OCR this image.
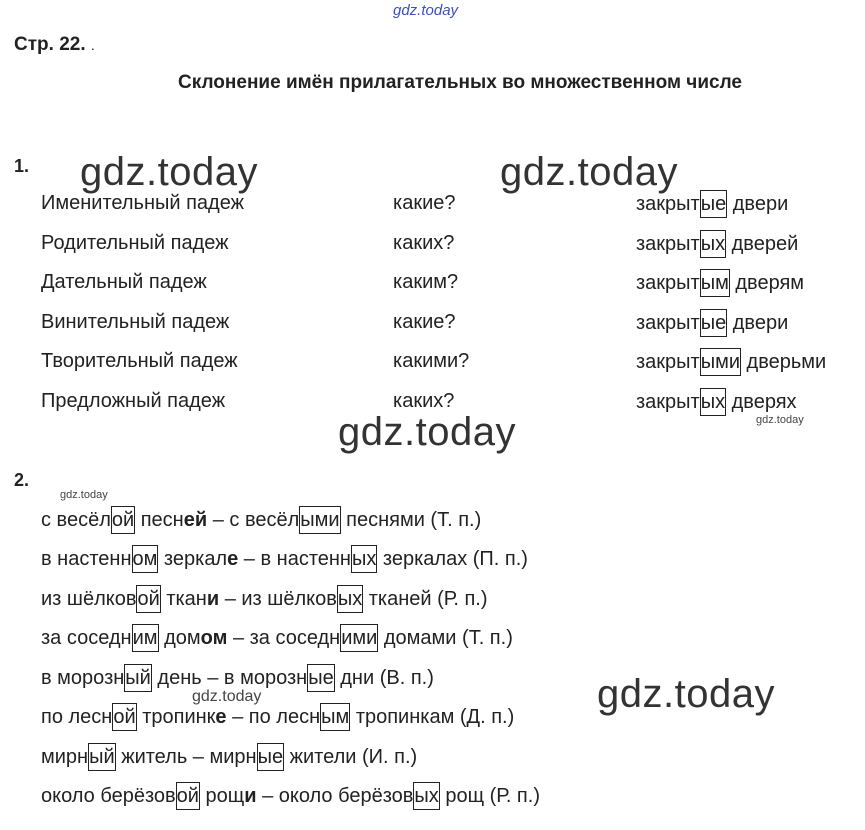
gdz.today
gdz.today	gdz.today
gdz.today
gdz.today
gdz.today
gdz.today
gdz.today
Стр. 22. .
Склонение имён прилагательных во множественном числе
1.
Именительный падеж	какие?	закрытые двери
Родительный падеж	каких?	закрытых дверей
Дательный падеж	каким?	закрытым дверям
Винительный падеж	какие?	закрытые двери
Творительный падеж	какими?	закрытыми дверьми
Предложный падеж	каких?	закрытых дверях
2.
с весёлой песней – с весёлыми песнями (Т. п.)
в настенном зеркале – в настенных зеркалах (П. п.)
из шёлковой ткани – из шёлковых тканей (Р. п.)
за соседним домом – за соседними домами (Т. п.)
в морозный день – в морозные дни (В. п.)
по лесной тропинке – по лесным тропинкам (Д. п.)
мирный житель – мирные жители (И. п.)
около берёзовой рощи – около берёзовых рощ (Р. п.)
